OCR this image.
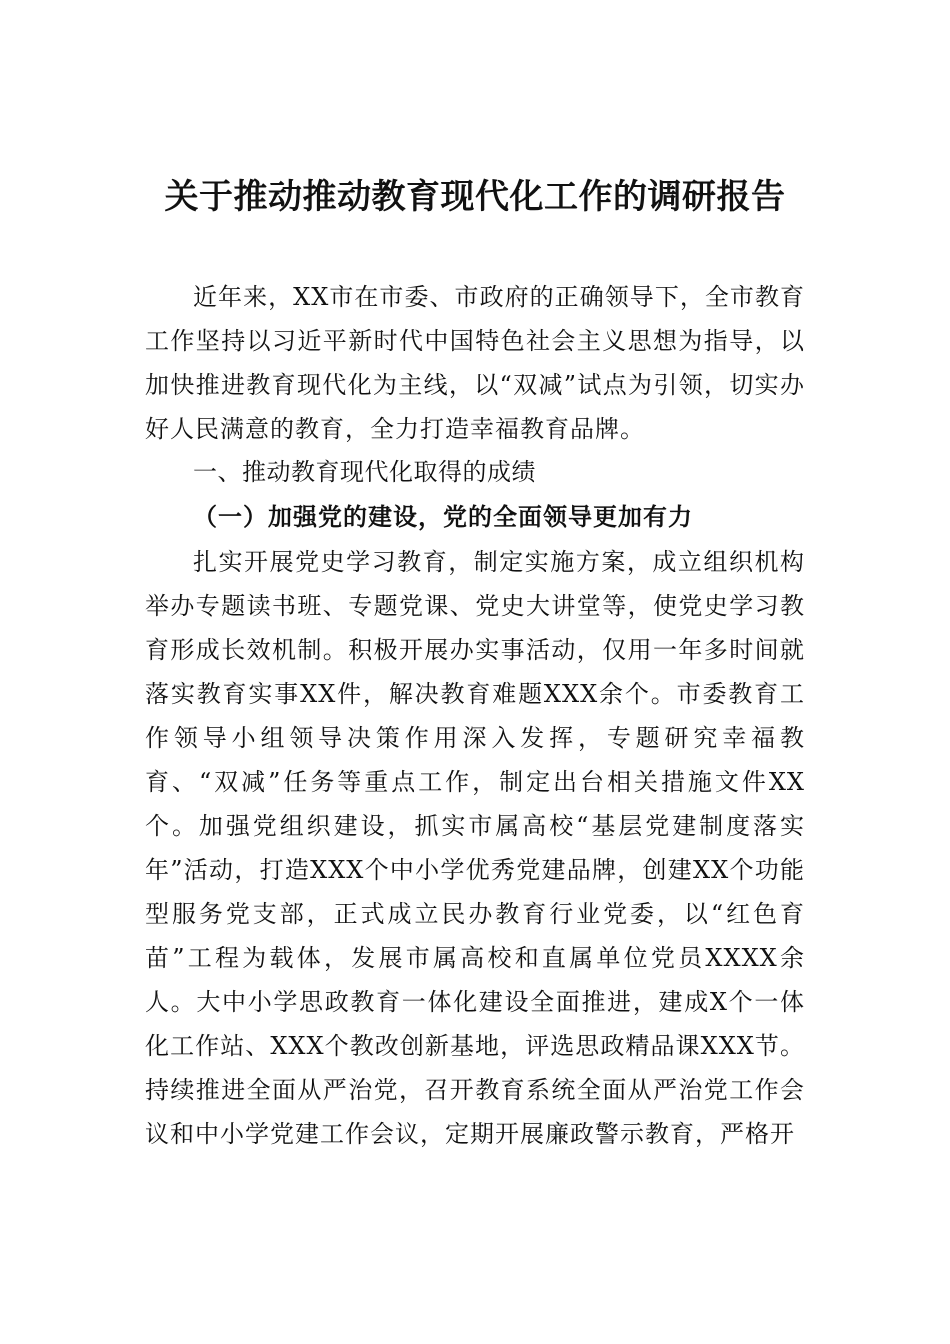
关于推动推动教育现代化工作的调研报告

近年来，XX市在市委、市政府的正确领导下，全市教育工作坚持以习近平新时代中国特色社会主义思想为指导，以加快推进教育现代化为主线，以“双减”试点为引领，切实办好人民满意的教育，全力打造幸福教育品牌。

一、推动教育现代化取得的成绩
（一）加强党的建设，党的全面领导更加有力

扎实开展党史学习教育，制定实施方案，成立组织机构举办专题读书班、专题党课、党史大讲堂等，使党史学习教育形成长效机制。积极开展办实事活动，仅用一年多时间就落实教育实事XX件，解决教育难题XXX余个。市委教育工作领导小组领导决策作用深入发挥，专题研究幸福教育、“双减”任务等重点工作，制定出台相关措施文件XX个。加强党组织建设，抓实市属高校“基层党建制度落实年”活动，打造XXX个中小学优秀党建品牌，创建XX个功能型服务党支部，正式成立民办教育行业党委，以“红色育苗”工程为载体，发展市属高校和直属单位党员XXXX余人。大中小学思政教育一体化建设全面推进，建成X个一体化工作站、XXX个教改创新基地，评选思政精品课XXX节。持续推进全面从严治党，召开教育系统全面从严治党工作会议和中小学党建工作会议，定期开展廉政警示教育，严格开
